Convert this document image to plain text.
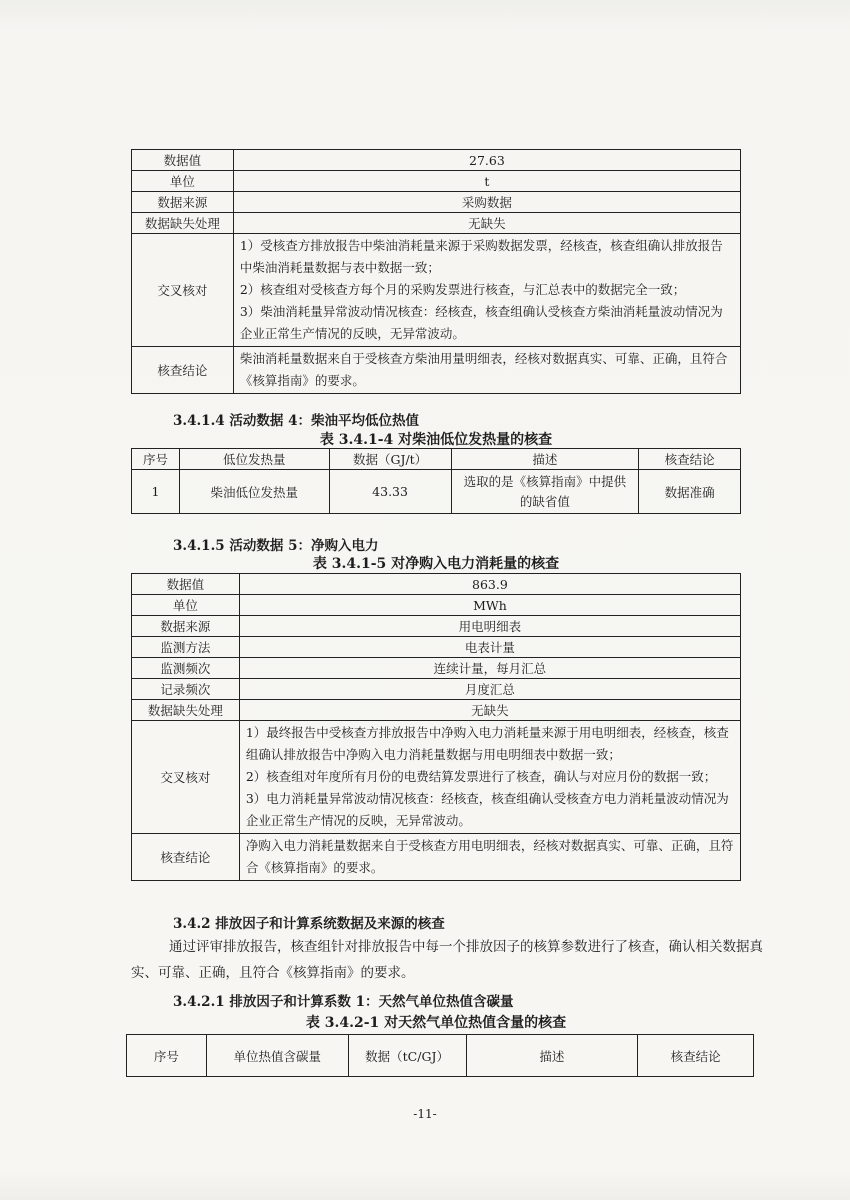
数据值	27.63
单位	t
数据来源	采购数据
数据缺失处理	无缺失
交叉核对	1）受核查方排放报告中柴油消耗量来源于采购数据发票，经核查，核查组确认排放报告中柴油消耗量数据与表中数据一致；

2）核查组对受核查方每个月的采购发票进行核查，与汇总表中的数据完全一致；

3）柴油消耗量异常波动情况核查：经核查，核查组确认受核查方柴油消耗量波动情况为企业正常生产情况的反映，无异常波动。

核查结论	柴油消耗量数据来自于受核查方柴油用量明细表，经核对数据真实、可靠、正确，且符合《核算指南》的要求。
3.4.1.4 活动数据 4：柴油平均低位热值
表 3.4.1-4 对柴油低位发热量的核查
序号	低位发热量	数据（GJ/t）	描述	核查结论
1	柴油低位发热量	43.33	选取的是《核算指南》中提供的缺省值	数据准确
3.4.1.5 活动数据 5：净购入电力
表 3.4.1-5 对净购入电力消耗量的核查
数据值	863.9
单位	MWh
数据来源	用电明细表
监测方法	电表计量
监测频次	连续计量，每月汇总
记录频次	月度汇总
数据缺失处理	无缺失
交叉核对	1）最终报告中受核查方排放报告中净购入电力消耗量来源于用电明细表，经核查，核查组确认排放报告中净购入电力消耗量数据与用电明细表中数据一致；

2）核查组对年度所有月份的电费结算发票进行了核查，确认与对应月份的数据一致；

3）电力消耗量异常波动情况核查：经核查，核查组确认受核查方电力消耗量波动情况为企业正常生产情况的反映，无异常波动。

核查结论	净购入电力消耗量数据来自于受核查方用电明细表，经核对数据真实、可靠、正确，且符合《核算指南》的要求。
3.4.2 排放因子和计算系统数据及来源的核查
通过评审排放报告，核查组针对排放报告中每一个排放因子的核算参数进行了核查，确认相关数据真实、可靠、正确，且符合《核算指南》的要求。
3.4.2.1 排放因子和计算系数 1：天然气单位热值含碳量
表 3.4.2-1 对天然气单位热值含量的核查
序号	单位热值含碳量	数据（tC/GJ）	描述	核查结论
-11-
